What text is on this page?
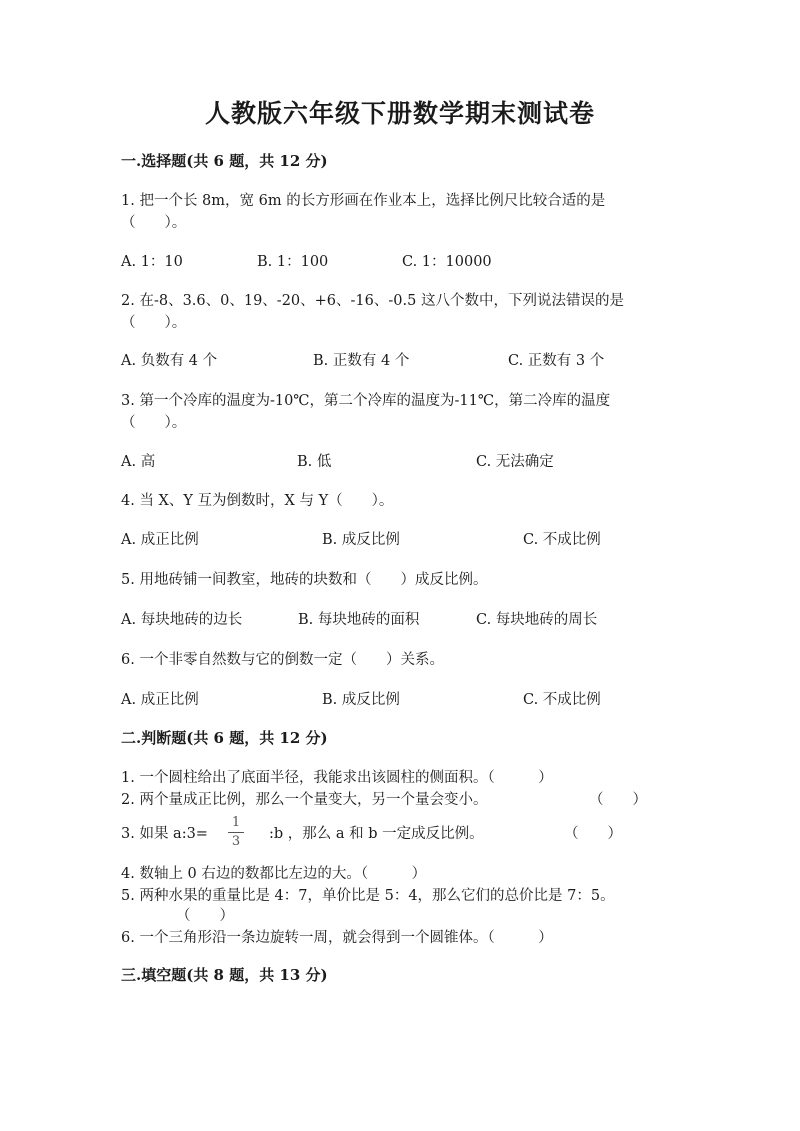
人教版六年级下册数学期末测试卷
一.选择题(共 6 题，共 12 分)
1. 把一个长 8m，宽 6m 的长方形画在作业本上，选择比例尺比较合适的是
（　　）。
A. 1：10	B. 1：100	C. 1：10000
2. 在-8、3.6、0、19、-20、+6、-16、-0.5 这八个数中，下列说法错误的是
（　　）。
A. 负数有 4 个	B. 正数有 4 个	C. 正数有 3 个
3. 第一个冷库的温度为-10℃，第二个冷库的温度为-11℃，第二冷库的温度
（　　）。
A. 高	B. 低	C. 无法确定
4. 当 X、Y 互为倒数时，X 与 Y（　　）。
A. 成正比例	B. 成反比例	C. 不成比例
5. 用地砖铺一间教室，地砖的块数和（　　）成反比例。
A. 每块地砖的边长	B. 每块地砖的面积	C. 每块地砖的周长
6. 一个非零自然数与它的倒数一定（　　）关系。
A. 成正比例	B. 成反比例	C. 不成比例
二.判断题(共 6 题，共 12 分)
1. 一个圆柱给出了底面半径，我能求出该圆柱的侧面积。（　　　）
2. 两个量成正比例，那么一个量变大，另一个量会变小。	（　　）
3. 如果 a:3=
1
3	:b ，那么 a 和 b 一定成反比例。	（　　）
4. 数轴上 0 右边的数都比左边的大。（　　　）
5. 两种水果的重量比是 4：7，单价比是 5：4，那么它们的总价比是 7：5。
（　　）
6. 一个三角形沿一条边旋转一周，就会得到一个圆锥体。（　　　）
三.填空题(共 8 题，共 13 分)
